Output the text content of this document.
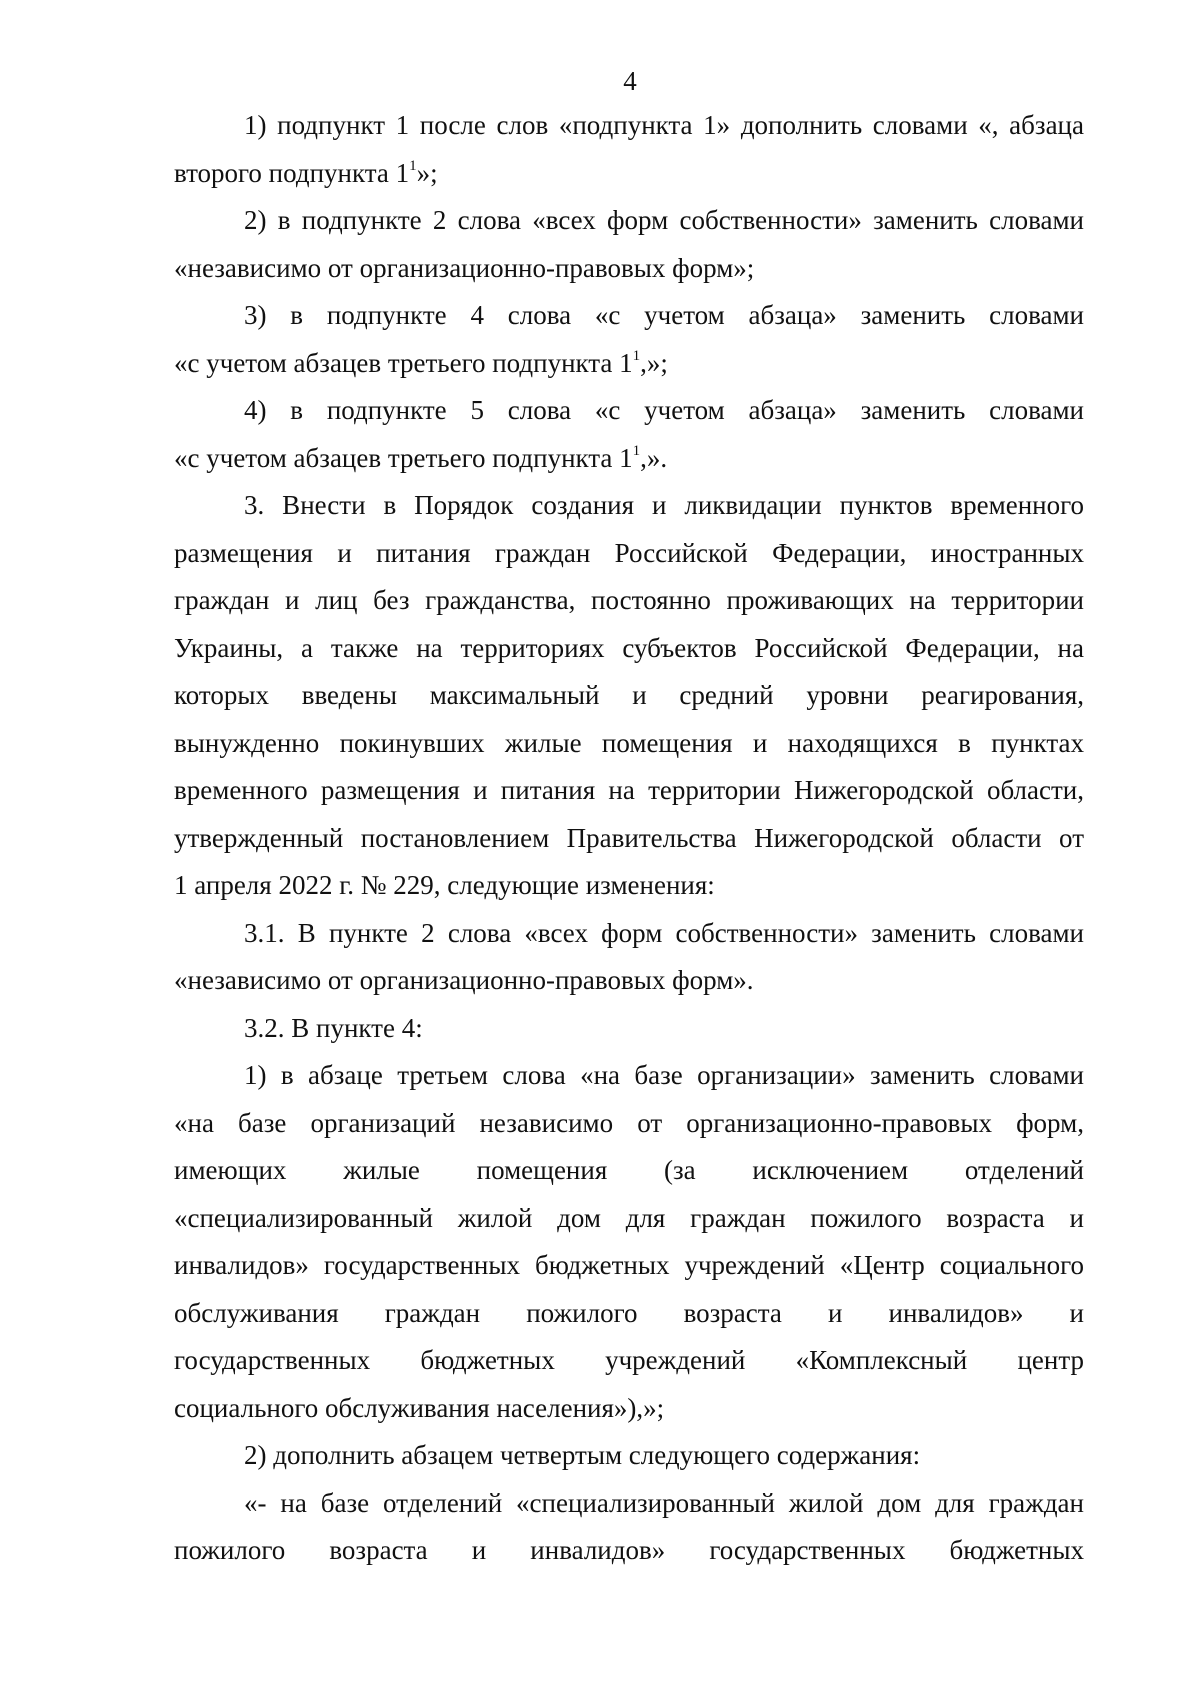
4
1) подпункт 1 после слов «подпункта 1» дополнить словами «, абзаца
второго подпункта $1^1$»;
2) в подпункте 2 слова «всех форм собственности» заменить словами
«независимо от организационно-правовых форм»;
3) в подпункте 4 слова «с учетом абзаца» заменить словами
«с учетом абзацев третьего подпункта $1^1$,»;
4) в подпункте 5 слова «с учетом абзаца» заменить словами
«с учетом абзацев третьего подпункта $1^1$,».
3. Внести в Порядок создания и ликвидации пунктов временного
размещения и питания граждан Российской Федерации, иностранных
граждан и лиц без гражданства, постоянно проживающих на территории
Украины, а также на территориях субъектов Российской Федерации, на
которых введены максимальный и средний уровни реагирования,
вынужденно покинувших жилые помещения и находящихся в пунктах
временного размещения и питания на территории Нижегородской области,
утвержденный постановлением Правительства Нижегородской области от
1 апреля 2022 г. № 229, следующие изменения:
3.1. В пункте 2 слова «всех форм собственности» заменить словами
«независимо от организационно-правовых форм».
3.2. В пункте 4:
1) в абзаце третьем слова «на базе организации» заменить словами
«на базе организаций независимо от организационно-правовых форм,
имеющих жилые помещения (за исключением отделений
«специализированный жилой дом для граждан пожилого возраста и
инвалидов» государственных бюджетных учреждений «Центр социального
обслуживания граждан пожилого возраста и инвалидов» и
государственных бюджетных учреждений «Комплексный центр
социального обслуживания населения»),»;
2) дополнить абзацем четвертым следующего содержания:
«- на базе отделений «специализированный жилой дом для граждан
пожилого возраста и инвалидов» государственных бюджетных
